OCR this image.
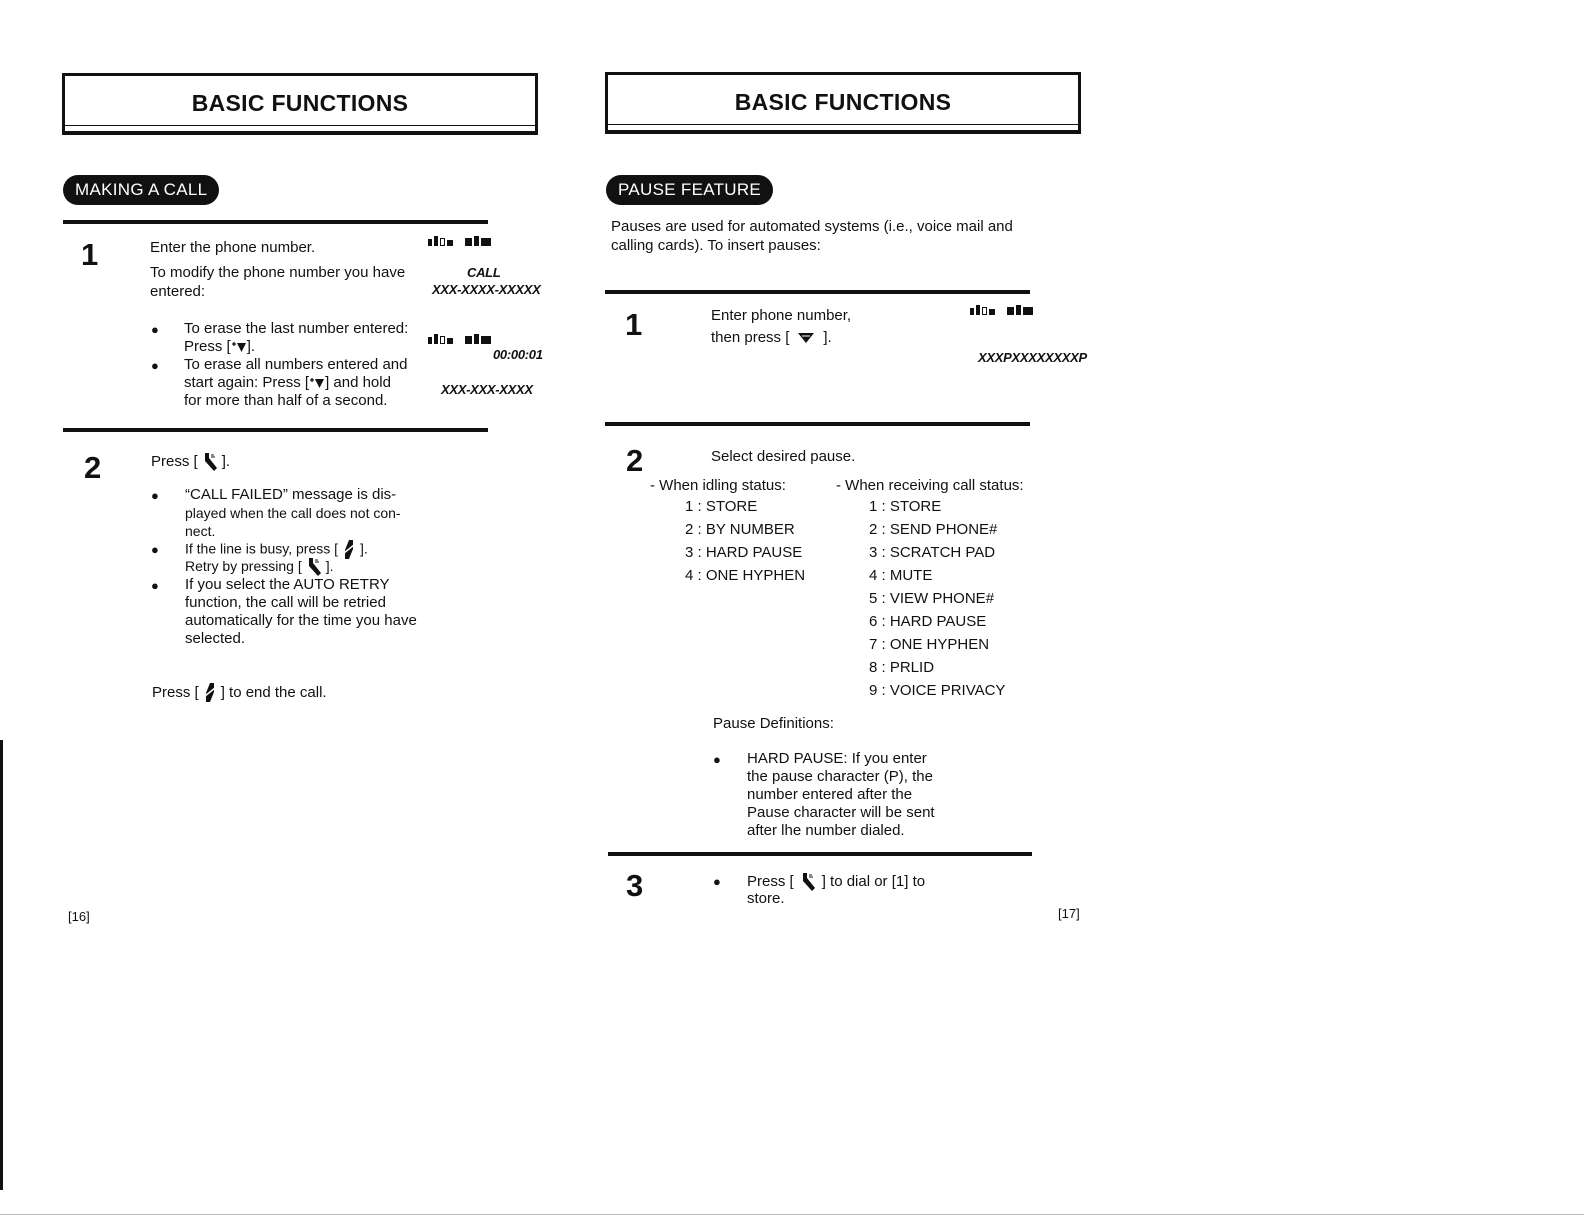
BASIC FUNCTIONS
MAKING A CALL
1	Enter the phone number.
To modify the phone number you have
entered:
CALL
XXX-XXXX-XXXXX
● To erase the last number entered:
Press [ ].
● To erase all numbers entered and
start again: Press [ ] and hold
for more than half of a second.
00:00:01
XXX-XXX-XXXX
2	Press [ ].
● “CALL FAILED” message is dis-
played when the call does not con-
nect.
● If the line is busy, press [ ].
Retry by pressing [ ].
● If you select the AUTO RETRY
function, the call will be retried
automatically for the time you have
selected.
Press [ ] to end the call.
[16]
BASIC FUNCTIONS
PAUSE FEATURE
Pauses are used for automated systems (i.e., voice mail and
calling cards). To insert pauses:
1	Enter phone number,
then press [ ].
XXXPXXXXXXXXP
2	Select desired pause.
- When idling status:
1 : STORE
2 : BY NUMBER
3 : HARD PAUSE
4 : ONE HYPHEN
- When receiving call status:
1 : STORE
2 : SEND PHONE#
3 : SCRATCH PAD
4 : MUTE
5 : VIEW PHONE#
6 : HARD PAUSE
7 : ONE HYPHEN
8 : PRLID
9 : VOICE PRIVACY
Pause Definitions:
● HARD PAUSE: If you enter
the pause character (P), the
number entered after the
Pause character will be sent
after lhe number dialed.
3	● Press [ ] to dial or [1] to
store.
[17]
